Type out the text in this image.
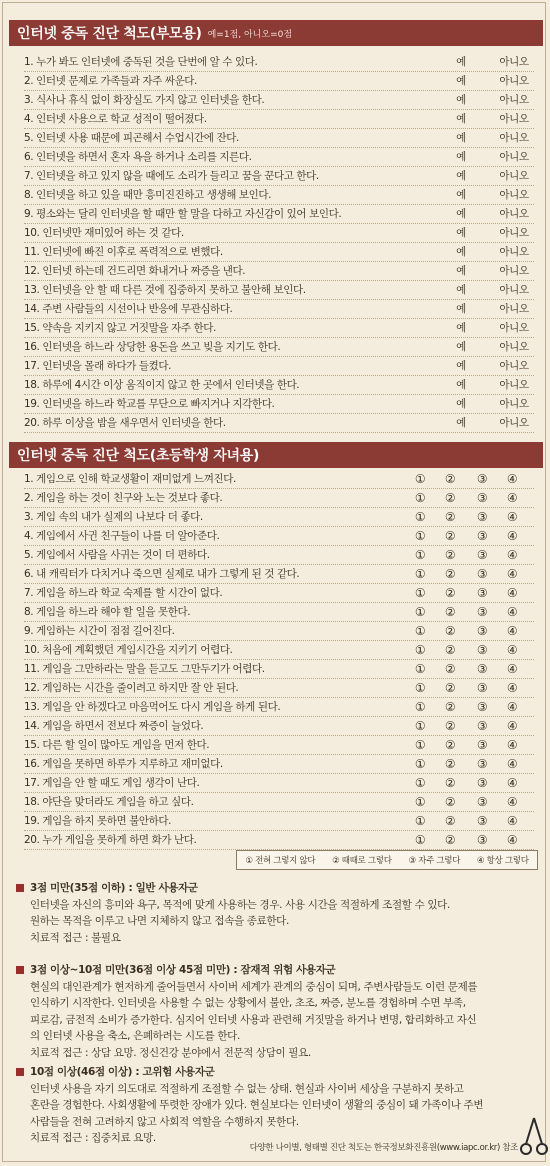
인터넷 중독 진단 척도(부모용) 예=1점, 아니오=0점
1. 누가 봐도 인터넷에 중독된 것을 단번에 알 수 있다.	예	아니오
2. 인터넷 문제로 가족들과 자주 싸운다.	예	아니오
3. 식사나 휴식 없이 화장실도 가지 않고 인터넷을 한다.	예	아니오
4. 인터넷 사용으로 학교 성적이 떨어졌다.	예	아니오
5. 인터넷 사용 때문에 피곤해서 수업시간에 잔다.	예	아니오
6. 인터넷을 하면서 혼자 욕을 하거나 소리를 지른다.	예	아니오
7. 인터넷을 하고 있지 않을 때에도 소리가 들리고 꿈을 꾼다고 한다.	예	아니오
8. 인터넷을 하고 있을 때만 흥미진진하고 생생해 보인다.	예	아니오
9. 평소와는 달리 인터넷을 할 때만 할 말을 다하고 자신감이 있어 보인다.	예	아니오
10. 인터넷만 재미있어 하는 것 같다.	예	아니오
11. 인터넷에 빠진 이후로 폭력적으로 변했다.	예	아니오
12. 인터넷 하는데 건드리면 화내거나 짜증을 낸다.	예	아니오
13. 인터넷을 안 할 때 다른 것에 집중하지 못하고 불안해 보인다.	예	아니오
14. 주변 사람들의 시선이나 반응에 무관심하다.	예	아니오
15. 약속을 지키지 않고 거짓말을 자주 한다.	예	아니오
16. 인터넷을 하느라 상당한 용돈을 쓰고 빚을 지기도 한다.	예	아니오
17. 인터넷을 몰래 하다가 들켰다.	예	아니오
18. 하루에 4시간 이상 움직이지 않고 한 곳에서 인터넷을 한다.	예	아니오
19. 인터넷을 하느라 학교를 무단으로 빠지거나 지각한다.	예	아니오
20. 하루 이상을 밤을 새우면서 인터넷을 한다.	예	아니오
인터넷 중독 진단 척도(초등학생 자녀용)
1. 게임으로 인해 학교생활이 재미없게 느껴진다.	①	②	③	④
2. 게임을 하는 것이 친구와 노는 것보다 좋다.	①	②	③	④
3. 게임 속의 내가 실제의 나보다 더 좋다.	①	②	③	④
4. 게임에서 사귄 친구들이 나를 더 알아준다.	①	②	③	④
5. 게임에서 사람을 사귀는 것이 더 편하다.	①	②	③	④
6. 내 캐릭터가 다치거나 죽으면 실제로 내가 그렇게 된 것 같다.	①	②	③	④
7. 게임을 하느라 학교 숙제를 할 시간이 없다.	①	②	③	④
8. 게임을 하느라 해야 할 일을 못한다.	①	②	③	④
9. 게임하는 시간이 점점 길어진다.	①	②	③	④
10. 처음에 계획했던 게임시간을 지키기 어렵다.	①	②	③	④
11. 게임을 그만하라는 말을 듣고도 그만두기가 어렵다.	①	②	③	④
12. 게임하는 시간을 줄이려고 하지만 잘 안 된다.	①	②	③	④
13. 게임을 안 하겠다고 마음먹어도 다시 게임을 하게 된다.	①	②	③	④
14. 게임을 하면서 전보다 짜증이 늘었다.	①	②	③	④
15. 다른 할 일이 많아도 게임을 먼저 한다.	①	②	③	④
16. 게임을 못하면 하루가 지루하고 재미없다.	①	②	③	④
17. 게임을 안 할 때도 게임 생각이 난다.	①	②	③	④
18. 야단을 맞더라도 게임을 하고 싶다.	①	②	③	④
19. 게임을 하지 못하면 불안하다.	①	②	③	④
20. 누가 게임을 못하게 하면 화가 난다.	①	②	③	④
① 전혀 그렇지 않다 ② 때때로 그렇다 ③ 자주 그렇다 ④ 항상 그렇다
3점 미만(35점 이하) : 일반 사용자군
인터넷을 자신의 흥미와 욕구, 목적에 맞게 사용하는 경우. 사용 시간을 적절하게 조절할 수 있다.
원하는 목적을 이루고 나면 지체하지 않고 접속을 종료한다.
치료적 접근 : 불필요
3점 이상~10점 미만(36점 이상 45점 미만) : 잠재적 위험 사용자군
현실의 대인관계가 현저하게 줄어들면서 사이버 세계가 관계의 중심이 되며, 주변사람들도 이런 문제를
인식하기 시작한다. 인터넷을 사용할 수 없는 상황에서 불안, 초조, 짜증, 분노를 경험하며 수면 부족,
피로감, 금전적 소비가 증가한다. 심지어 인터넷 사용과 관련해 거짓말을 하거나 변명, 합리화하고 자신
의 인터넷 사용을 축소, 은폐하려는 시도를 한다.
치료적 접근 : 상담 요망. 정신건강 분야에서 전문적 상담이 필요.
10점 이상(46점 이상) : 고위험 사용자군
인터넷 사용을 자기 의도대로 적절하게 조절할 수 없는 상태. 현실과 사이버 세상을 구분하지 못하고
혼란을 경험한다. 사회생활에 뚜렷한 장애가 있다. 현실보다는 인터넷이 생활의 중심이 돼 가족이나 주변
사람들을 전혀 고려하지 않고 사회적 역할을 수행하지 못한다.
치료적 접근 : 집중치료 요망.
다양한 나이별, 형태별 진단 척도는 한국정보화진흥원(www.iapc.or.kr) 참조
